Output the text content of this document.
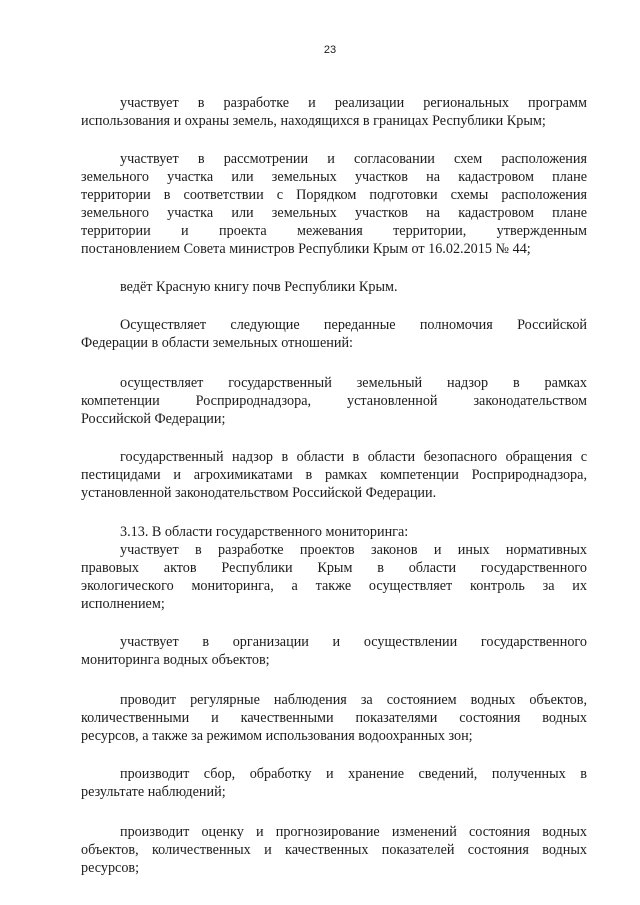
23

участвует в разработке и реализации региональных программ
использования и охраны земель, находящихся в границах Республики Крым;

участвует в рассмотрении и согласовании схем расположения
земельного участка или земельных участков на кадастровом плане
территории в соответствии с Порядком подготовки схемы расположения
земельного участка или земельных участков на кадастровом плане
территории и проекта межевания территории, утвержденным
постановлением Совета министров Республики Крым от 16.02.2015 № 44;

ведёт Красную книгу почв Республики Крым.

Осуществляет следующие переданные полномочия Российской
Федерации в области земельных отношений:

осуществляет государственный земельный надзор в рамках
компетенции Росприроднадзора, установленной законодательством
Российской Федерации;

государственный надзор в области в области безопасного обращения с
пестицидами и агрохимикатами в рамках компетенции Росприроднадзора,
установленной законодательством Российской Федерации.

3.13. В области государственного мониторинга:

участвует в разработке проектов законов и иных нормативных
правовых актов Республики Крым в области государственного
экологического мониторинга, а также осуществляет контроль за их
исполнением;

участвует в организации и осуществлении государственного
мониторинга водных объектов;

проводит регулярные наблюдения за состоянием водных объектов,
количественными и качественными показателями состояния водных
ресурсов, а также за режимом использования водоохранных зон;

производит сбор, обработку и хранение сведений, полученных в
результате наблюдений;

производит оценку и прогнозирование изменений состояния водных
объектов, количественных и качественных показателей состояния водных
ресурсов;
